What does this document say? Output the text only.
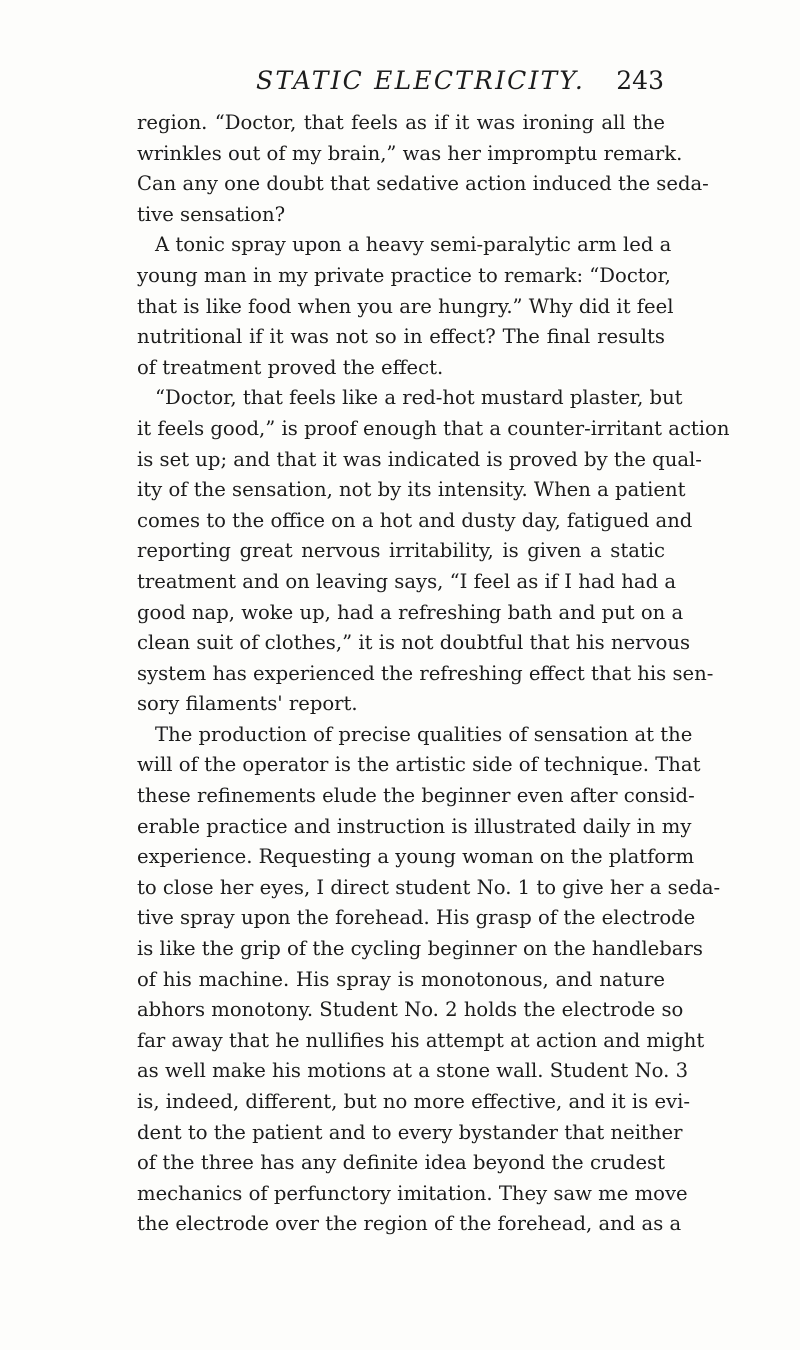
STATIC ELECTRICITY. 243
region. “Doctor, that feels as if it was ironing all the
wrinkles out of my brain,” was her impromptu remark.
Can any one doubt that sedative action induced the seda-
tive sensation?
A tonic spray upon a heavy semi-paralytic arm led a
young man in my private practice to remark: “Doctor,
that is like food when you are hungry.” Why did it feel
nutritional if it was not so in effect? The final results
of treatment proved the effect.
“Doctor, that feels like a red-hot mustard plaster, but
it feels good,” is proof enough that a counter-irritant action
is set up; and that it was indicated is proved by the qual-
ity of the sensation, not by its intensity. When a patient
comes to the office on a hot and dusty day, fatigued and
reporting great nervous irritability, is given a static
treatment and on leaving says, “I feel as if I had had a
good nap, woke up, had a refreshing bath and put on a
clean suit of clothes,” it is not doubtful that his nervous
system has experienced the refreshing effect that his sen-
sory filaments' report.
The production of precise qualities of sensation at the
will of the operator is the artistic side of technique. That
these refinements elude the beginner even after consid-
erable practice and instruction is illustrated daily in my
experience. Requesting a young woman on the platform
to close her eyes, I direct student No. 1 to give her a seda-
tive spray upon the forehead. His grasp of the electrode
is like the grip of the cycling beginner on the handlebars
of his machine. His spray is monotonous, and nature
abhors monotony. Student No. 2 holds the electrode so
far away that he nullifies his attempt at action and might
as well make his motions at a stone wall. Student No. 3
is, indeed, different, but no more effective, and it is evi-
dent to the patient and to every bystander that neither
of the three has any definite idea beyond the crudest
mechanics of perfunctory imitation. They saw me move
the electrode over the region of the forehead, and as a
